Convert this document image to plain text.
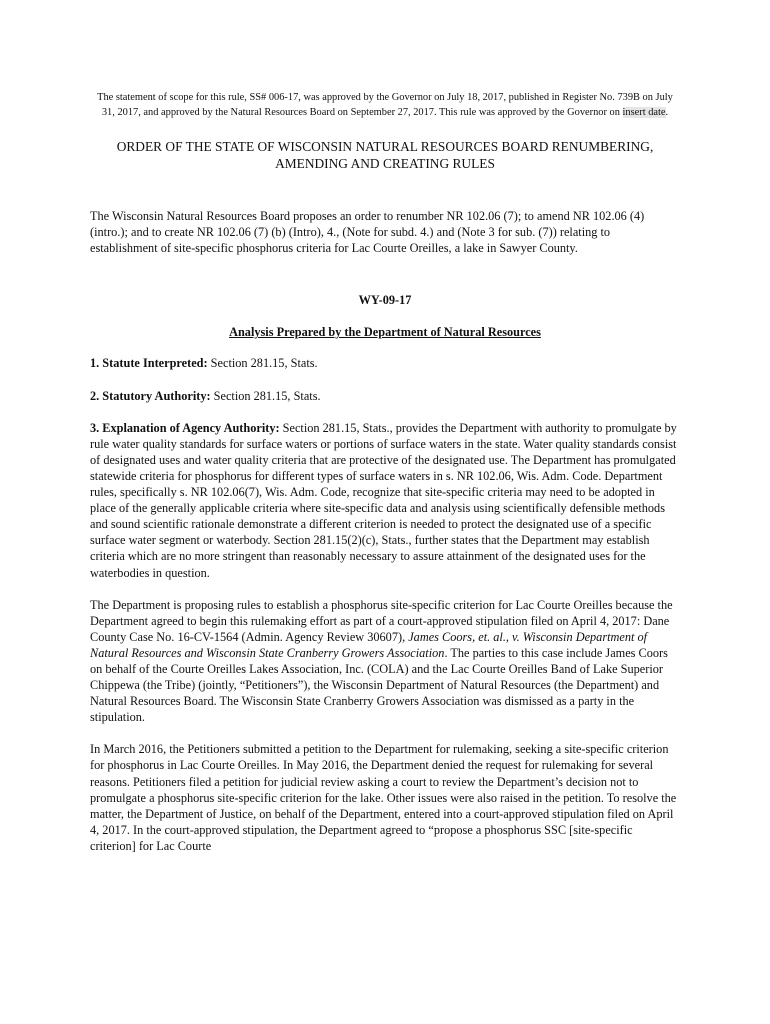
The statement of scope for this rule, SS# 006-17, was approved by the Governor on July 18, 2017, published in Register No. 739B on July 31, 2017, and approved by the Natural Resources Board on September 27, 2017. This rule was approved by the Governor on insert date.

ORDER OF THE STATE OF WISCONSIN NATURAL RESOURCES BOARD RENUMBERING, AMENDING AND CREATING RULES

The Wisconsin Natural Resources Board proposes an order to renumber NR 102.06 (7); to amend NR 102.06 (4) (intro.); and to create NR 102.06 (7) (b) (Intro), 4., (Note for subd. 4.) and (Note 3 for sub. (7)) relating to establishment of site-specific phosphorus criteria for Lac Courte Oreilles, a lake in Sawyer County.

WY-09-17

Analysis Prepared by the Department of Natural Resources

1. Statute Interpreted: Section 281.15, Stats.

2. Statutory Authority: Section 281.15, Stats.

3. Explanation of Agency Authority: Section 281.15, Stats., provides the Department with authority to promulgate by rule water quality standards for surface waters or portions of surface waters in the state. Water quality standards consist of designated uses and water quality criteria that are protective of the designated use. The Department has promulgated statewide criteria for phosphorus for different types of surface waters in s. NR 102.06, Wis. Adm. Code. Department rules, specifically s. NR 102.06(7), Wis. Adm. Code, recognize that site-specific criteria may need to be adopted in place of the generally applicable criteria where site-specific data and analysis using scientifically defensible methods and sound scientific rationale demonstrate a different criterion is needed to protect the designated use of a specific surface water segment or waterbody. Section 281.15(2)(c), Stats., further states that the Department may establish criteria which are no more stringent than reasonably necessary to assure attainment of the designated uses for the waterbodies in question.

The Department is proposing rules to establish a phosphorus site-specific criterion for Lac Courte Oreilles because the Department agreed to begin this rulemaking effort as part of a court-approved stipulation filed on April 4, 2017: Dane County Case No. 16-CV-1564 (Admin. Agency Review 30607), James Coors, et. al., v. Wisconsin Department of Natural Resources and Wisconsin State Cranberry Growers Association. The parties to this case include James Coors on behalf of the Courte Oreilles Lakes Association, Inc. (COLA) and the Lac Courte Oreilles Band of Lake Superior Chippewa (the Tribe) (jointly, “Petitioners”), the Wisconsin Department of Natural Resources (the Department) and Natural Resources Board. The Wisconsin State Cranberry Growers Association was dismissed as a party in the stipulation.

In March 2016, the Petitioners submitted a petition to the Department for rulemaking, seeking a site-specific criterion for phosphorus in Lac Courte Oreilles. In May 2016, the Department denied the request for rulemaking for several reasons. Petitioners filed a petition for judicial review asking a court to review the Department’s decision not to promulgate a phosphorus site-specific criterion for the lake. Other issues were also raised in the petition. To resolve the matter, the Department of Justice, on behalf of the Department, entered into a court-approved stipulation filed on April 4, 2017. In the court-approved stipulation, the Department agreed to “propose a phosphorus SSC [site-specific criterion] for Lac Courte
